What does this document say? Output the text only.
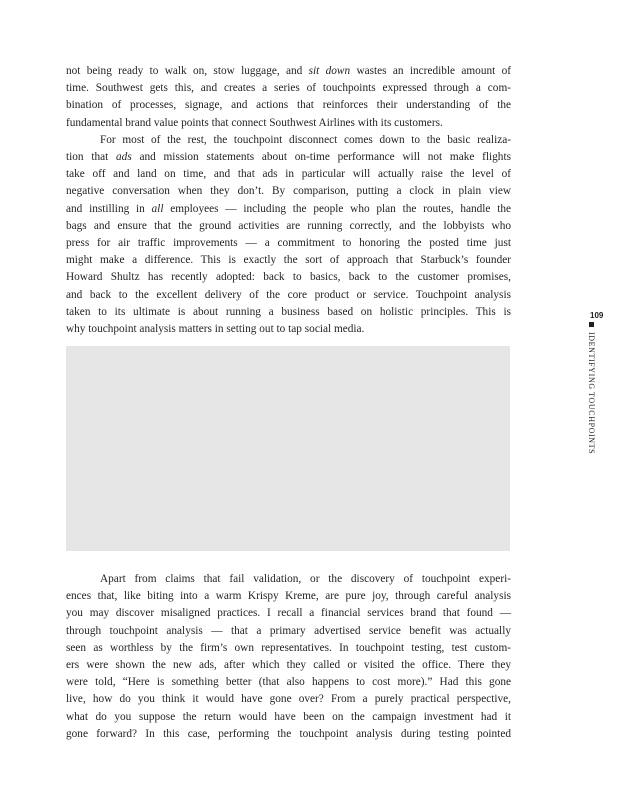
not being ready to walk on, stow luggage, and sit down wastes an incredible amount of
time. Southwest gets this, and creates a series of touchpoints expressed through a com-
bination of processes, signage, and actions that reinforces their understanding of the
fundamental brand value points that connect Southwest Airlines with its customers.
For most of the rest, the touchpoint disconnect comes down to the basic realiza-
tion that ads and mission statements about on-time performance will not make flights
take off and land on time, and that ads in particular will actually raise the level of
negative conversation when they don’t. By comparison, putting a clock in plain view
and instilling in all employees — including the people who plan the routes, handle the
bags and ensure that the ground activities are running correctly, and the lobbyists who
press for air traffic improvements — a commitment to honoring the posted time just
might make a difference. This is exactly the sort of approach that Starbuck’s founder
Howard Shultz has recently adopted: back to basics, back to the customer promises,
and back to the excellent delivery of the core product or service. Touchpoint analysis
taken to its ultimate is about running a business based on holistic principles. This is
why touchpoint analysis matters in setting out to tap social media.
Apart from claims that fail validation, or the discovery of touchpoint experi-
ences that, like biting into a warm Krispy Kreme, are pure joy, through careful analysis
you may discover misaligned practices. I recall a financial services brand that found —
through touchpoint analysis — that a primary advertised service benefit was actually
seen as worthless by the firm’s own representatives. In touchpoint testing, test custom-
ers were shown the new ads, after which they called or visited the office. There they
were told, “Here is something better (that also happens to cost more).” Had this gone
live, how do you think it would have gone over? From a purely practical perspective,
what do you suppose the return would have been on the campaign investment had it
gone forward? In this case, performing the touchpoint analysis during testing pointed
109
IDENTIFYING TOUCHPOINTS
